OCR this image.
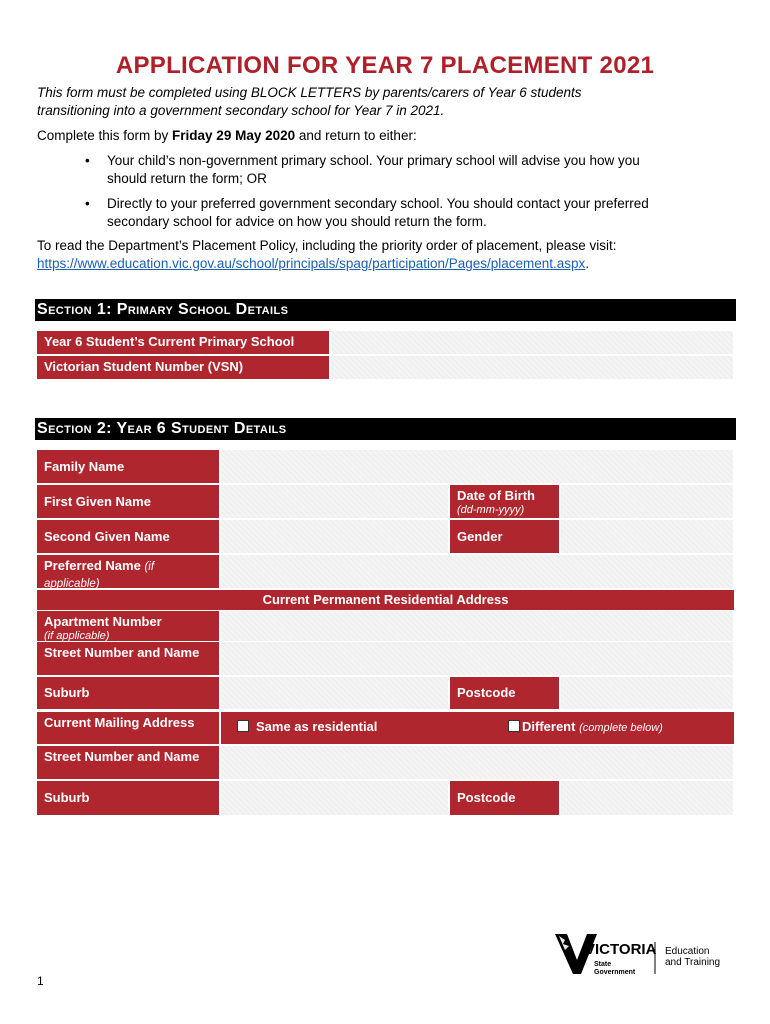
APPLICATION FOR YEAR 7 PLACEMENT 2021
This form must be completed using BLOCK LETTERS by parents/carers of Year 6 students
transitioning into a government secondary school for Year 7 in 2021.
Complete this form by Friday 29 May 2020 and return to either:
• Your child’s non-government primary school. Your primary school will advise you how you
should return the form; OR
• Directly to your preferred government secondary school. You should contact your preferred
secondary school for advice on how you should return the form.
To read the Department’s Placement Policy, including the priority order of placement, please visit:
https://www.education.vic.gov.au/school/principals/spag/participation/Pages/placement.aspx.
Section 1: Primary School Details
Year 6 Student’s Current Primary School
Victorian Student Number (VSN)
Section 2: Year 6 Student Details
Family Name
First Given Name	Date of Birth
(dd-mm-yyyy)
Second Given Name	Gender
Preferred Name (if applicable)
Current Permanent Residential Address
Apartment Number
(if applicable)
Street Number and Name
Suburb	Postcode
Current Mailing Address	Same as residential	Different (complete below)
Street Number and Name
Suburb	Postcode
VICTORIA
State
Government
Education
and Training
1
